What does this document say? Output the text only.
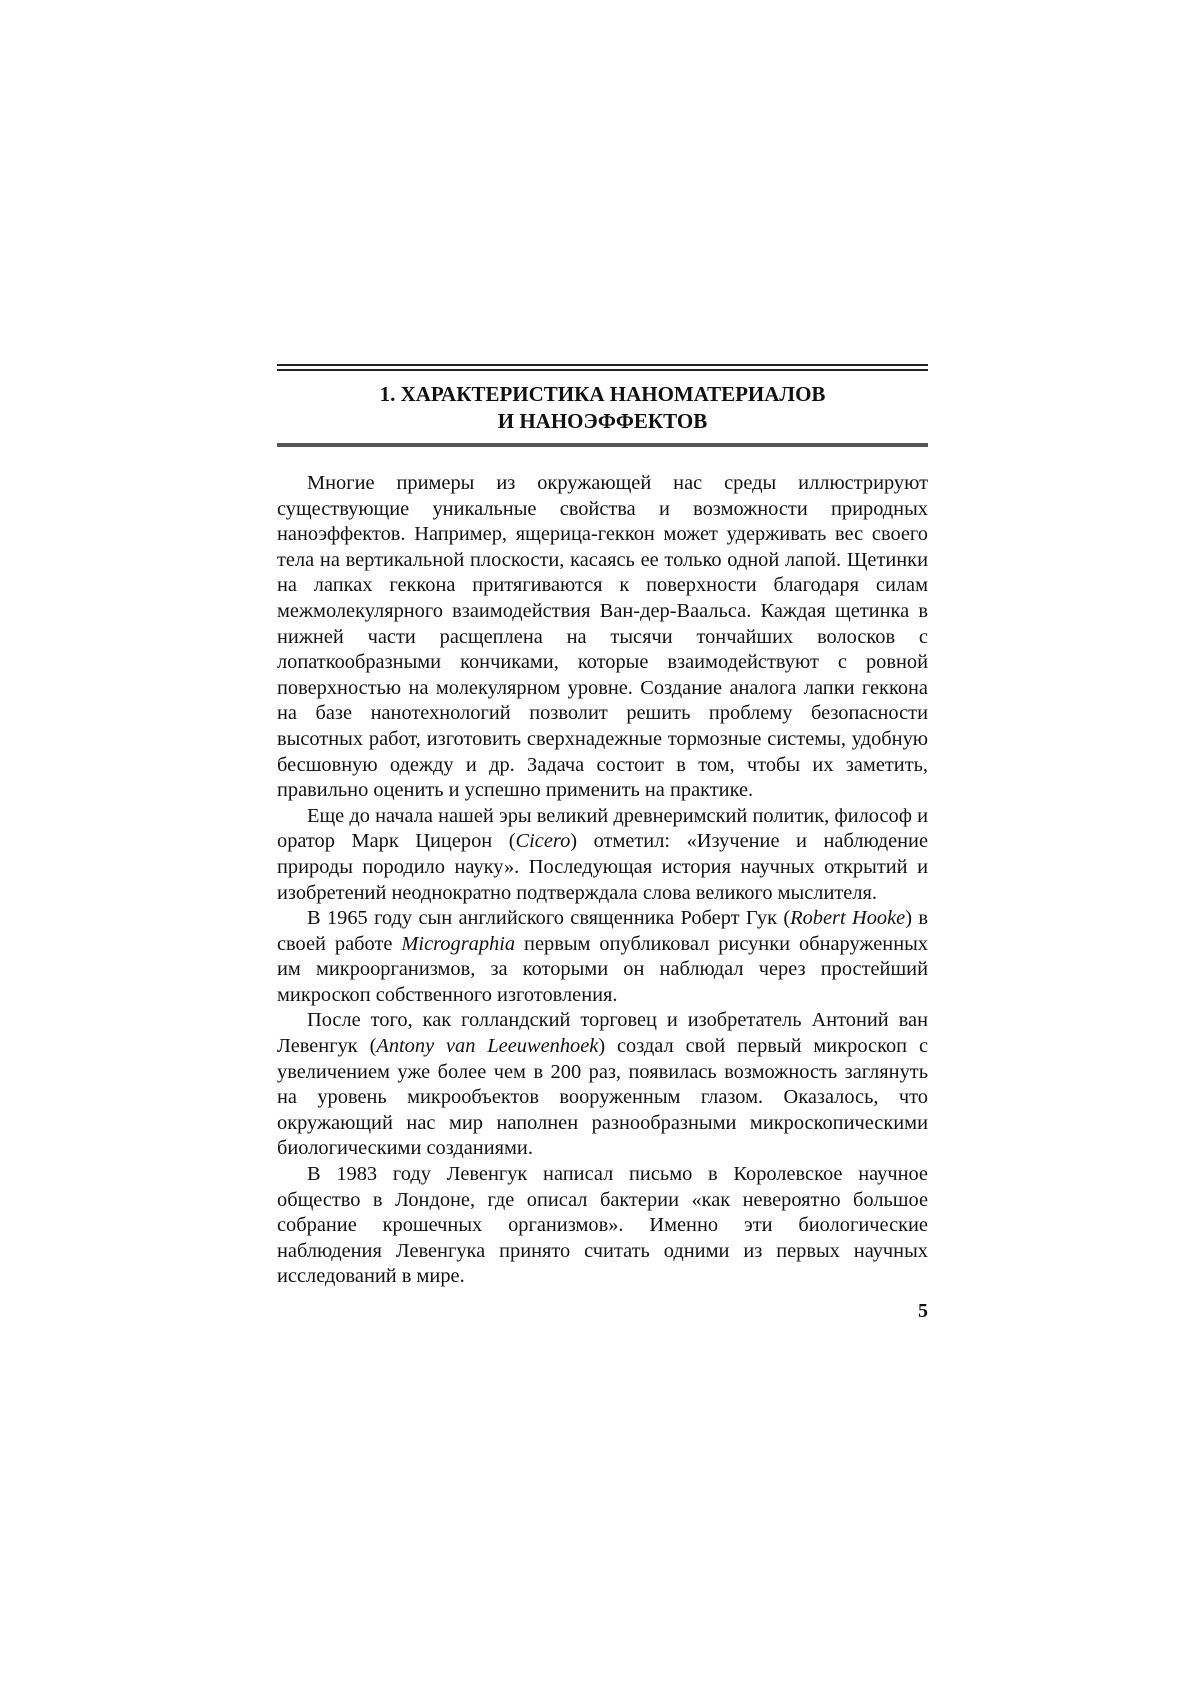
1. ХАРАКТЕРИСТИКА НАНОМАТЕРИАЛОВ
И НАНОЭФФЕКТОВ

Многие примеры из окружающей нас среды иллюстрируют существующие уникальные свойства и возможности природных наноэффектов. Например, ящерица-геккон может удерживать вес своего тела на вертикальной плоскости, касаясь ее только одной лапой. Щетинки на лапках геккона притягиваются к поверхности благодаря силам межмолекулярного взаимодействия Ван-дер-Ваальса. Каждая щетинка в нижней части расщеплена на тысячи тончайших волосков с лопаткообразными кончиками, которые взаимодействуют с ровной поверхностью на молекулярном уровне. Создание аналога лапки геккона на базе нанотехнологий позволит решить проблему безопасности высотных работ, изготовить сверхнадежные тормозные системы, удобную бесшовную одежду и др. Задача состоит в том, чтобы их заметить, правильно оценить и успешно применить на практике.

Еще до начала нашей эры великий древнеримский политик, философ и оратор Марк Цицерон (Cicero) отметил: «Изучение и наблюдение природы породило науку». Последующая история научных открытий и изобретений неоднократно подтверждала слова великого мыслителя.

В 1965 году сын английского священника Роберт Гук (Robert Hooke) в своей работе Micrographia первым опубликовал рисунки обнаруженных им микроорганизмов, за которыми он наблюдал через простейший микроскоп собственного изготовления.

После того, как голландский торговец и изобретатель Антоний ван Левенгук (Antony van Leeuwenhoek) создал свой первый микроскоп с увеличением уже более чем в 200 раз, появилась возможность заглянуть на уровень микрообъектов вооруженным глазом. Оказалось, что окружающий нас мир наполнен разнообразными микроскопическими биологическими созданиями.

В 1983 году Левенгук написал письмо в Королевское научное общество в Лондоне, где описал бактерии «как невероятно большое собрание крошечных организмов». Именно эти биологические наблюдения Левенгука принято считать одними из первых научных исследований в мире.

5
